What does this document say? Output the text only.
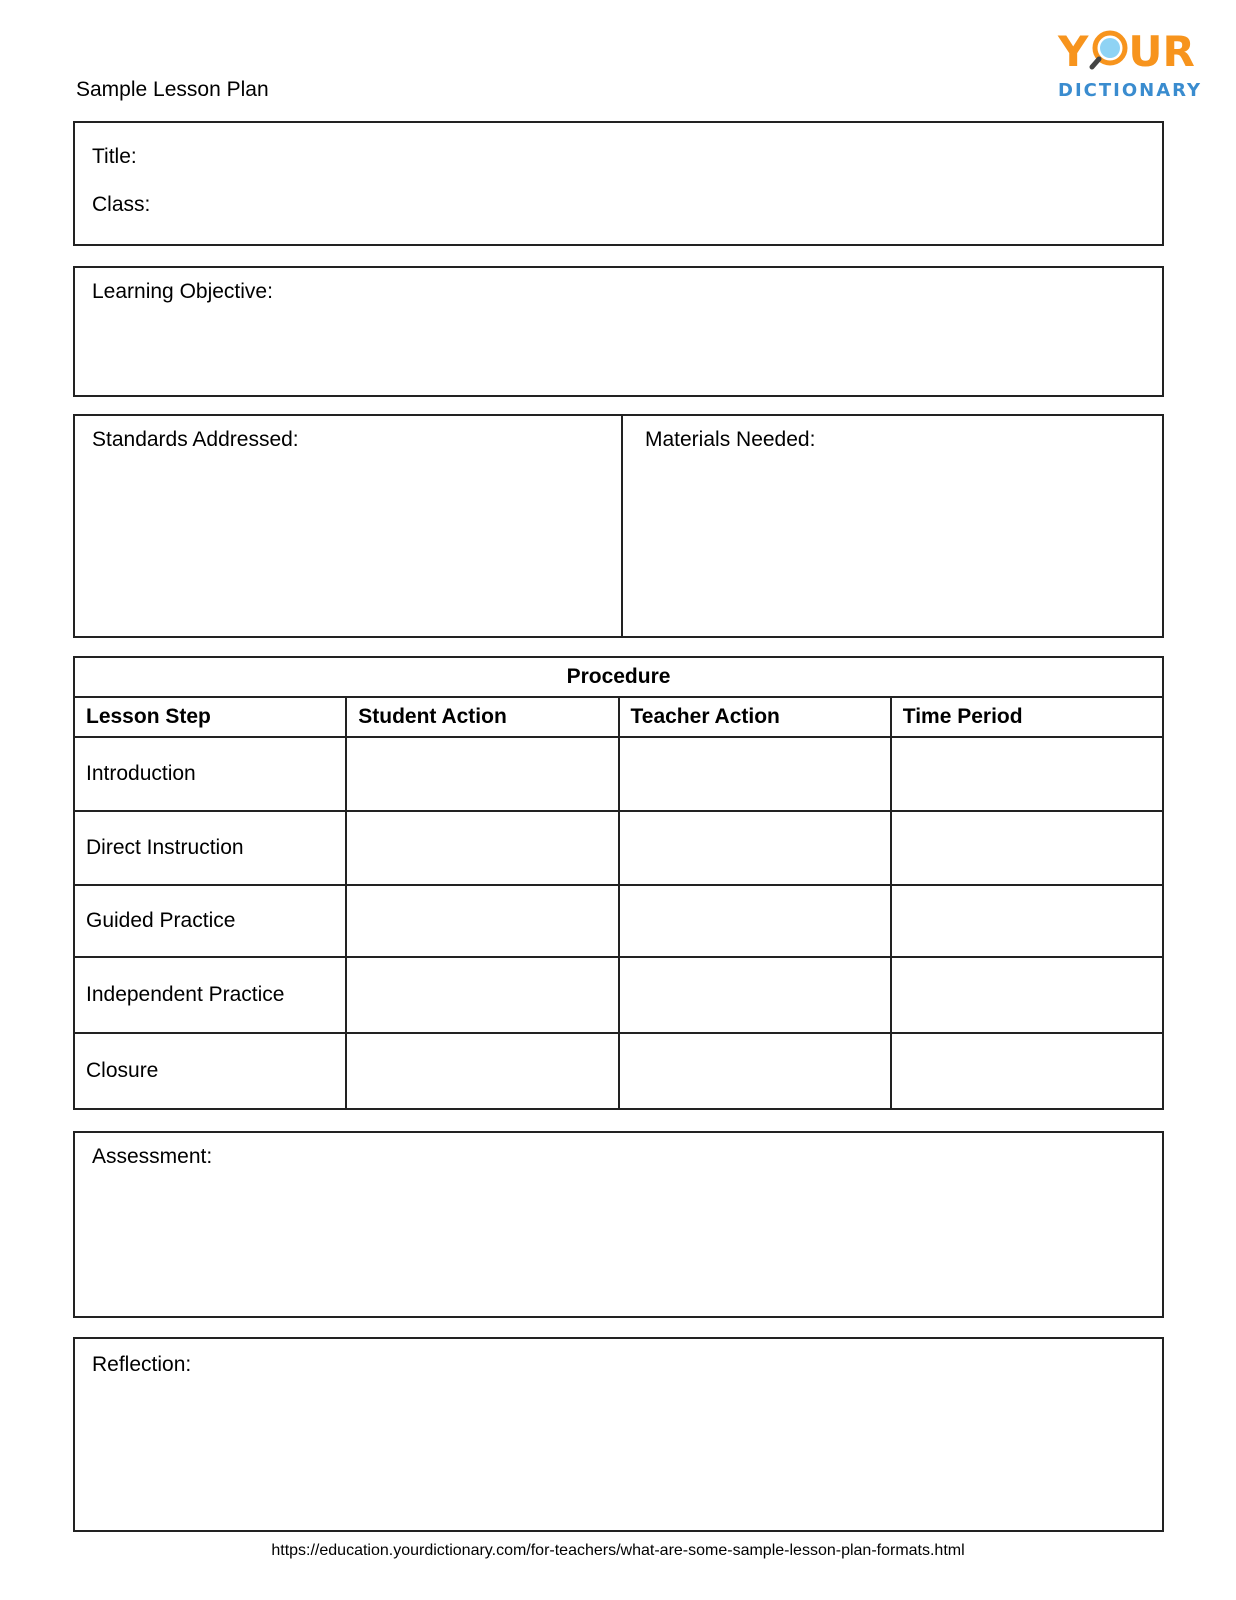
Sample Lesson Plan
Y UR
DICTIONARY
Title:
Class:
Learning Objective:
Standards Addressed:	Materials Needed:
Procedure			
Lesson Step	Student Action	Teacher Action	Time Period
Introduction			
Direct Instruction			
Guided Practice			
Independent Practice			
Closure			
Assessment:
Reflection:
https://education.yourdictionary.com/for-teachers/what-are-some-sample-lesson-plan-formats.html
